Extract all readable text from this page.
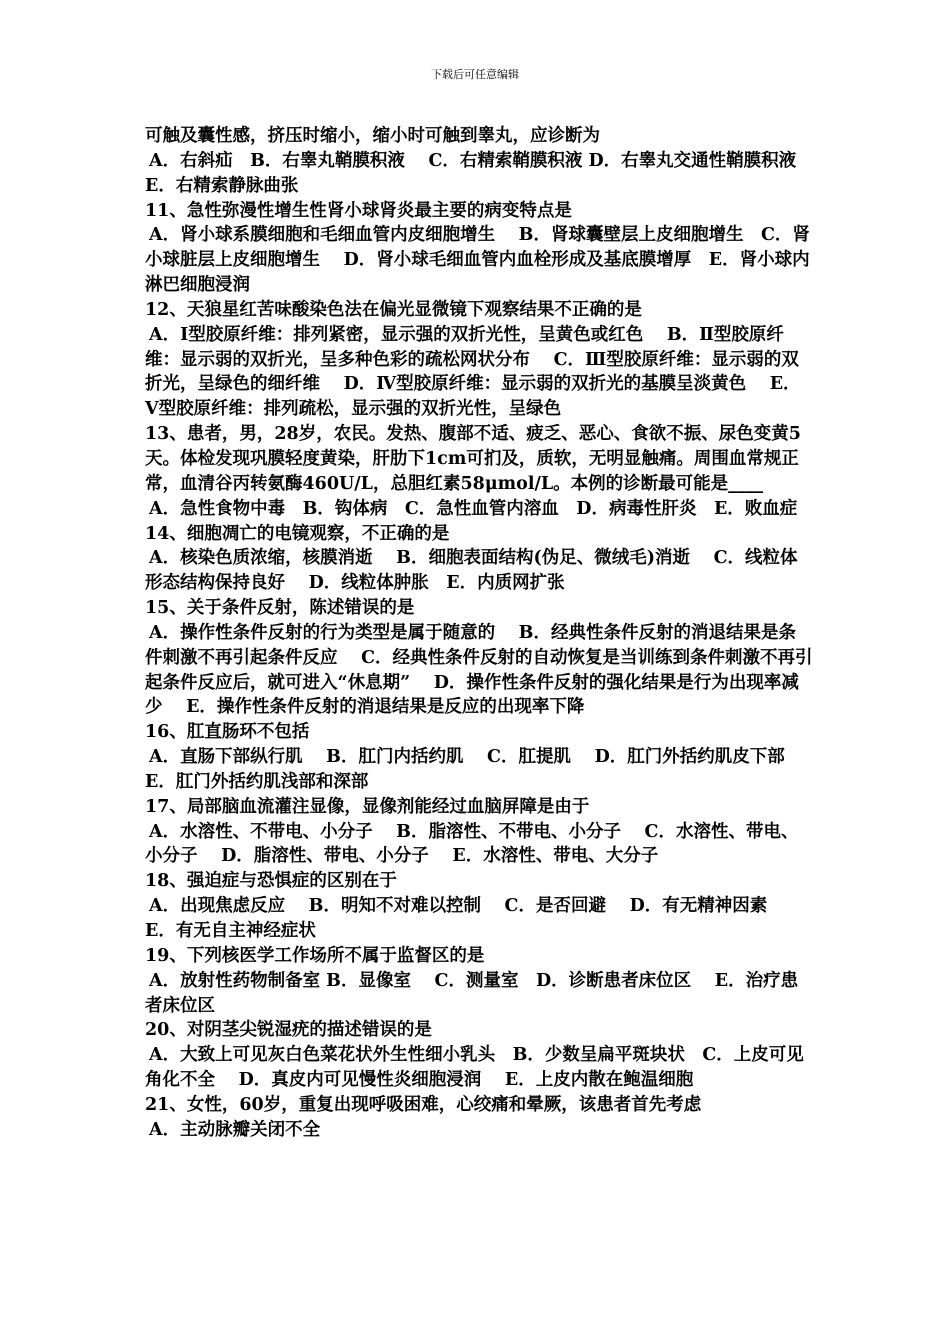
下载后可任意编辑

可触及囊性感，挤压时缩小，缩小时可触到睾丸，应诊断为

A．右斜疝　B．右睾丸鞘膜积液　 C．右精索鞘膜积液 D．右睾丸交通性鞘膜积液　 E．右精索静脉曲张

11、急性弥漫性增生性肾小球肾炎最主要的病变特点是

A．肾小球系膜细胞和毛细血管内皮细胞增生　 B．肾球囊壁层上皮细胞增生　C．肾小球脏层上皮细胞增生　 D．肾小球毛细血管内血栓形成及基底膜增厚　E．肾小球内淋巴细胞浸润

12、天狼星红苦味酸染色法在偏光显微镜下观察结果不正确的是

A．Ⅰ型胶原纤维：排列紧密，显示强的双折光性，呈黄色或红色　 B．Ⅱ型胶原纤维：显示弱的双折光，呈多种色彩的疏松网状分布　 C．Ⅲ型胶原纤维：显示弱的双折光，呈绿色的细纤维　 D．Ⅳ型胶原纤维：显示弱的双折光的基膜呈淡黄色　 E．Ⅴ型胶原纤维：排列疏松，显示强的双折光性，呈绿色

13、患者，男，28岁，农民。发热、腹部不适、疲乏、恶心、食欲不振、尿色变黄5天。体检发现巩膜轻度黄染，肝肋下1cm可扪及，质软，无明显触痛。周围血常规正常，血清谷丙转氨酶460U/L，总胆红素58μmol/L。本例的诊断最可能是____

A．急性食物中毒　B．钩体病　C．急性血管内溶血　D．病毒性肝炎　E．败血症

14、细胞凋亡的电镜观察，不正确的是

A．核染色质浓缩，核膜消逝　 B．细胞表面结构(伪足、微绒毛)消逝　 C．线粒体形态结构保持良好　 D．线粒体肿胀　E．内质网扩张

15、关于条件反射，陈述错误的是

A．操作性条件反射的行为类型是属于随意的　 B．经典性条件反射的消退结果是条件刺激不再引起条件反应　 C．经典性条件反射的自动恢复是当训练到条件刺激不再引起条件反应后，就可进入“休息期”　 D．操作性条件反射的强化结果是行为出现率减少　 E．操作性条件反射的消退结果是反应的出现率下降

16、肛直肠环不包括

A．直肠下部纵行肌　 B．肛门内括约肌　 C．肛提肌　 D．肛门外括约肌皮下部　 E．肛门外括约肌浅部和深部

17、局部脑血流灌注显像，显像剂能经过血脑屏障是由于

A．水溶性、不带电、小分子　 B．脂溶性、不带电、小分子　 C．水溶性、带电、小分子　 D．脂溶性、带电、小分子　 E．水溶性、带电、大分子

18、强迫症与恐惧症的区别在于

A．出现焦虑反应　 B．明知不对难以控制　 C．是否回避　 D．有无精神因素　 E．有无自主神经症状

19、下列核医学工作场所不属于监督区的是

A．放射性药物制备室 B．显像室　 C．测量室　D．诊断患者床位区　 E．治疗患者床位区

20、对阴茎尖锐湿疣的描述错误的是

A．大致上可见灰白色菜花状外生性细小乳头　B．少数呈扁平斑块状　C．上皮可见角化不全　 D．真皮内可见慢性炎细胞浸润　 E．上皮内散在鲍温细胞

21、女性，60岁，重复出现呼吸困难，心绞痛和晕厥，该患者首先考虑

A．主动脉瓣关闭不全
